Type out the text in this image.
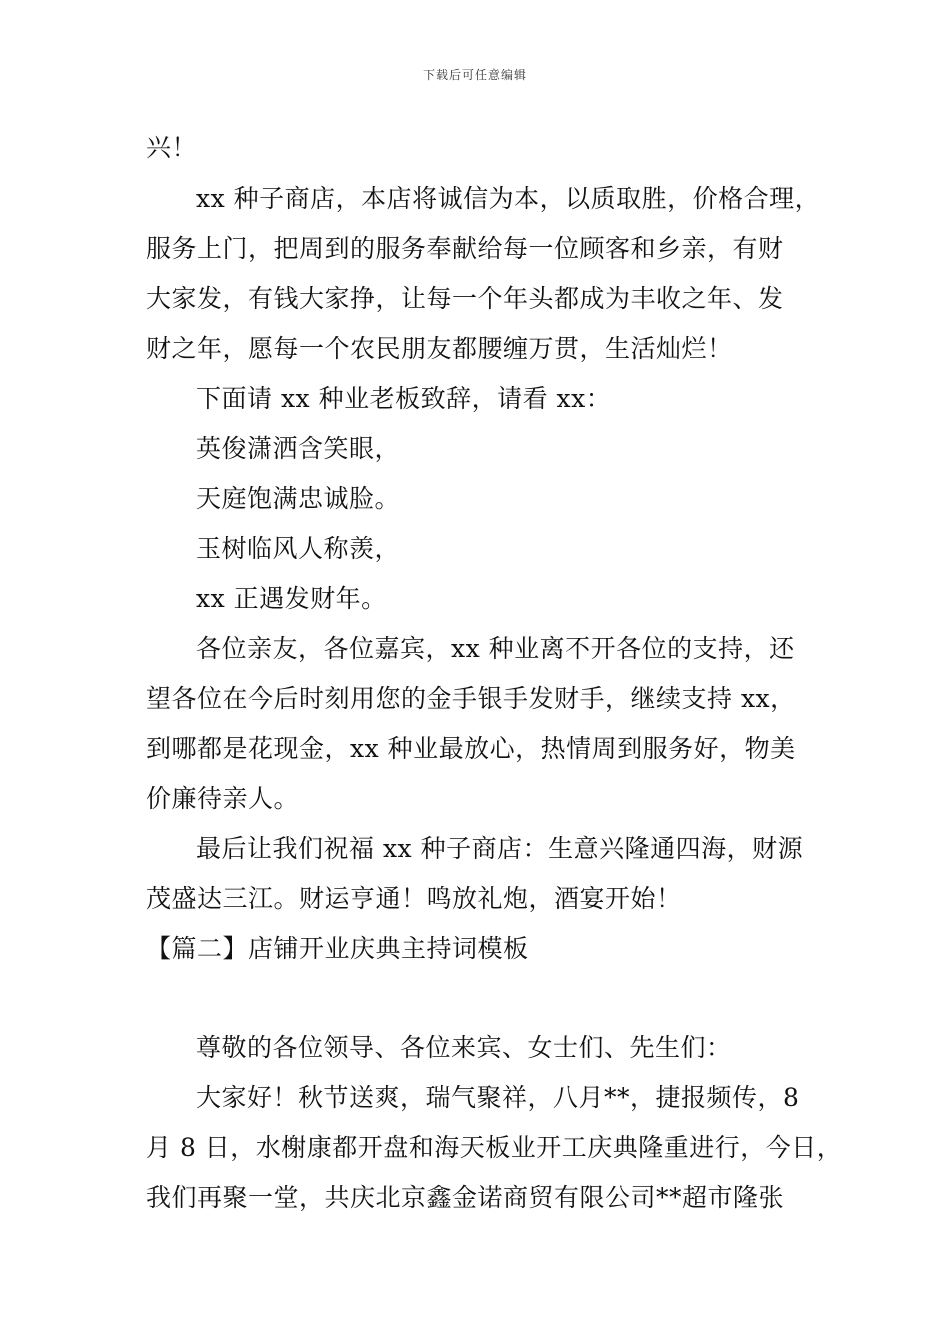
下载后可任意编辑
兴！
xx 种子商店，本店将诚信为本，以质取胜，价格合理，
服务上门，把周到的服务奉献给每一位顾客和乡亲，有财
大家发，有钱大家挣，让每一个年头都成为丰收之年、发
财之年，愿每一个农民朋友都腰缠万贯，生活灿烂！
下面请 xx 种业老板致辞，请看 xx：
英俊潇洒含笑眼，
天庭饱满忠诚脸。
玉树临风人称羡，
xx 正遇发财年。
各位亲友，各位嘉宾，xx 种业离不开各位的支持，还
望各位在今后时刻用您的金手银手发财手，继续支持 xx，
到哪都是花现金，xx 种业最放心，热情周到服务好，物美
价廉待亲人。
最后让我们祝福 xx 种子商店：生意兴隆通四海，财源
茂盛达三江。财运亨通！鸣放礼炮，酒宴开始！
【篇二】店铺开业庆典主持词模板
尊敬的各位领导、各位来宾、女士们、先生们：
大家好！秋节送爽，瑞气聚祥，八月**，捷报频传，8
月 8 日，水榭康都开盘和海天板业开工庆典隆重进行，今日，
我们再聚一堂，共庆北京鑫金诺商贸有限公司**超市隆张
